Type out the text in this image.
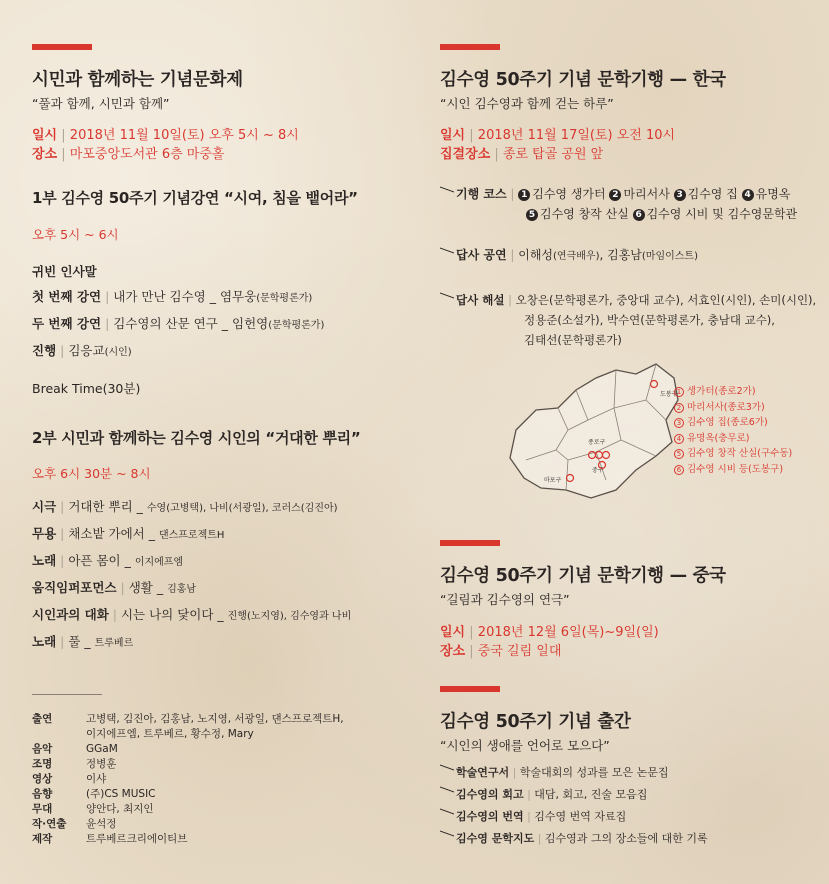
시민과 함께하는 기념문화제
“풀과 함께, 시민과 함께”
일시 | 2018년 11월 10일(토) 오후 5시 ~ 8시
장소 | 마포중앙도서관 6층 마중홀
1부 김수영 50주기 기념강연 “시여, 침을 뱉어라”
오후 5시 ~ 6시
귀빈 인사말
첫 번째 강연 | 내가 만난 김수영 _ 염무웅(문학평론가)
두 번째 강연 | 김수영의 산문 연구 _ 임헌영(문학평론가)
진행 | 김응교(시인)
Break Time(30분)
2부 시민과 함께하는 김수영 시인의 “거대한 뿌리”
오후 6시 30분 ~ 8시
시극 | 거대한 뿌리 _ 수영(고병택), 나비(서광일), 코러스(김진아)
무용 | 채소밭 가에서 _ 댄스프로젝트H
노래 | 아픈 몸이 _ 이지에프엠
움직임퍼포먼스 | 생활 _ 김홍남
시인과의 대화 | 시는 나의 닻이다 _ 진행(노지영), 김수영과 나비
노래 | 풀 _ 트루베르
출연	고병택, 김진아, 김홍남, 노지영, 서광일, 댄스프로젝트H,
	이지에프엠, 트루베르, 황수정, Mary
음악	GGaM
조명	정병훈
영상	이샤
음향	(주)CS MUSIC
무대	양안다, 최지인
작·연출	윤석정
제작	트루베르크리에이티브
김수영 50주기 기념 문학기행 — 한국
“시인 김수영과 함께 걷는 하루”
일시 | 2018년 11월 17일(토) 오전 10시
집결장소 | 종로 탑골 공원 앞
기행 코스 | 1 김수영 생가터 2 마리서사 3 김수영 집 4 유명옥
5 김수영 창작 산실 6 김수영 시비 및 김수영문학관
답사 공연 | 이해성(연극배우), 김홍남(마임이스트)
답사 해설 | 오창은(문학평론가, 중앙대 교수), 서효인(시인), 손미(시인),
정용준(소설가), 박수연(문학평론가, 충남대 교수),
김태선(문학평론가)
종로구
중구
마포구
도봉구 1 생가터(종로2가)
2 마리서사(종로3가)
3 김수영 집(종로6가)
4 유명옥(충무로)
5 김수영 창작 산실(구수동)
6 김수영 시비 등(도봉구)
김수영 50주기 기념 문학기행 — 중국
“길림과 김수영의 연극”
일시 | 2018년 12월 6일(목)~9일(일)
장소 | 중국 길림 일대
김수영 50주기 기념 출간
“시인의 생애를 언어로 모으다”
학술연구서 | 학술대회의 성과를 모은 논문집
김수영의 회고 | 대담, 회고, 진술 모음집
김수영의 번역 | 김수영 번역 자료집
김수영 문학지도 | 김수영과 그의 장소들에 대한 기록
